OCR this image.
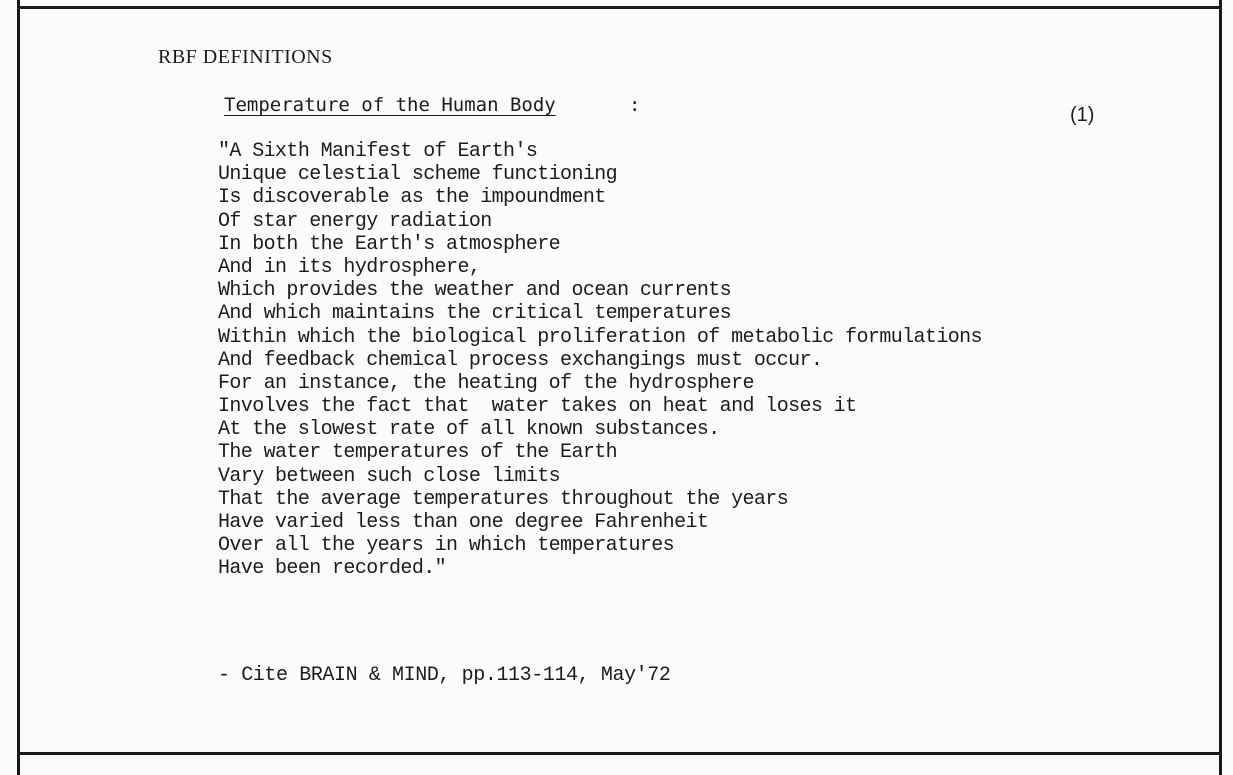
RBF DEFINITIONS
Temperature of the Human Body	:	(1)
"A Sixth Manifest of Earth's
Unique celestial scheme functioning
Is discoverable as the impoundment
Of star energy radiation
In both the Earth's atmosphere
And in its hydrosphere,
Which provides the weather and ocean currents
And which maintains the critical temperatures
Within which the biological proliferation of metabolic formulations
And feedback chemical process exchangings must occur.
For an instance, the heating of the hydrosphere
Involves the fact that  water takes on heat and loses it
At the slowest rate of all known substances.
The water temperatures of the Earth
Vary between such close limits
That the average temperatures throughout the years
Have varied less than one degree Fahrenheit
Over all the years in which temperatures
Have been recorded."
- Cite BRAIN & MIND, pp.113-114, May'72
